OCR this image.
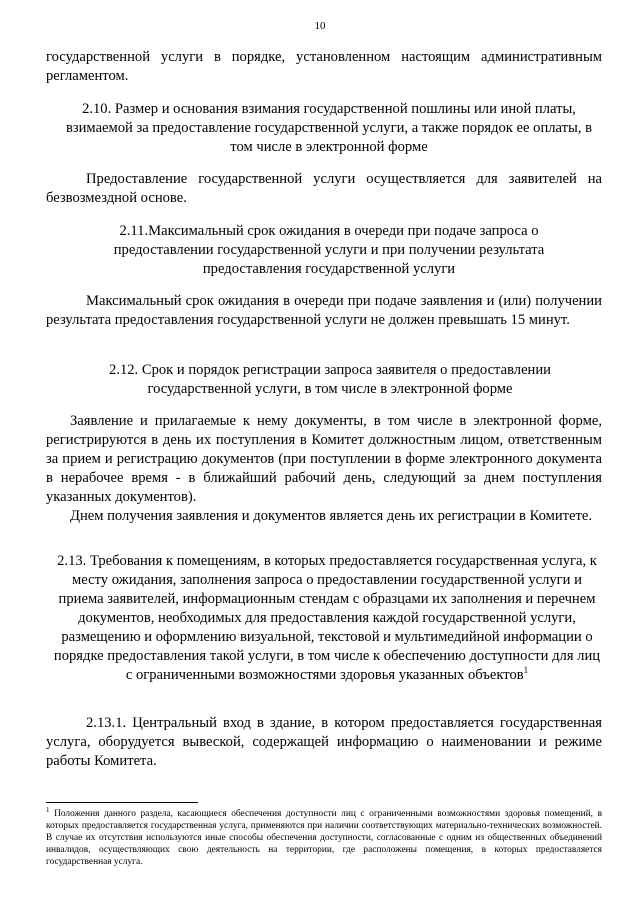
10
государственной услуги в порядке, установленном настоящим административным регламентом.
2.10. Размер и основания взимания государственной пошлины или иной платы, взимаемой за предоставление государственной услуги, а также порядок ее оплаты, в том числе в электронной форме
Предоставление государственной услуги осуществляется для заявителей на безвозмездной основе.
2.11.Максимальный срок ожидания в очереди при подаче запроса о предоставлении государственной услуги и при получении результата предоставления государственной услуги
Максимальный срок ожидания в очереди при подаче заявления и (или) получении результата предоставления государственной услуги не должен превышать 15 минут.
2.12. Срок и порядок регистрации запроса заявителя о предоставлении государственной услуги, в том числе в электронной форме
Заявление и прилагаемые к нему документы, в том числе в электронной форме, регистрируются в день их поступления в Комитет должностным лицом, ответственным за прием и регистрацию документов (при поступлении в форме электронного документа в нерабочее время - в ближайший рабочий день, следующий за днем поступления указанных документов).
Днем получения заявления и документов является день их регистрации в Комитете.
2.13. Требования к помещениям, в которых предоставляется государственная услуга, к месту ожидания, заполнения запроса о предоставлении государственной услуги и приема заявителей, информационным стендам с образцами их заполнения и перечнем документов, необходимых для предоставления каждой государственной услуги, размещению и оформлению визуальной, текстовой и мультимедийной информации о порядке предоставления такой услуги, в том числе к обеспечению доступности для лиц с ограниченными возможностями здоровья указанных объектов$^1$
2.13.1. Центральный вход в здание, в котором предоставляется государственная услуга, оборудуется вывеской, содержащей информацию о наименовании и режиме работы Комитета.
$^1$ Положения данного раздела, касающиеся обеспечения доступности лиц с ограниченными возможностями здоровья помещений, в которых предоставляется государственная услуга, применяются при наличии соответствующих материально-технических возможностей. В случае их отсутствия используются иные способы обеспечения доступности, согласованные с одним из общественных объединений инвалидов, осуществляющих свою деятельность на территории, где расположены помещения, в которых предоставляется государственная услуга.
